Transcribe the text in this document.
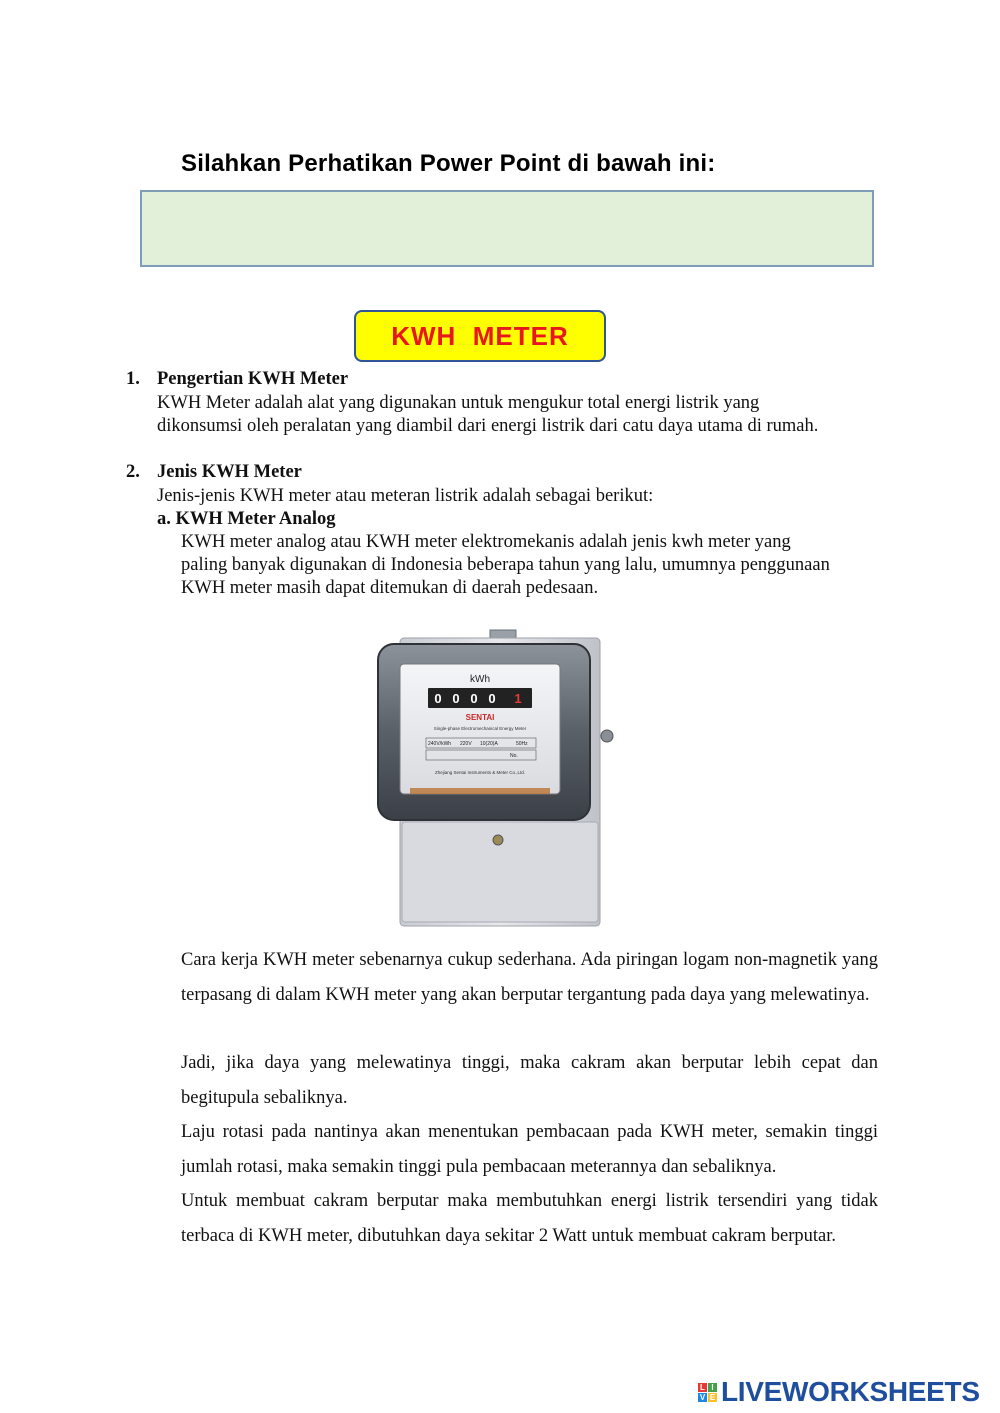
Silahkan Perhatikan Power Point di bawah ini:
KWH  METER
1. Pengertian KWH Meter
KWH Meter adalah alat yang digunakan untuk mengukur total energi listrik yang
dikonsumsi oleh peralatan yang diambil dari energi listrik dari catu daya utama di rumah.
2. Jenis KWH Meter
Jenis-jenis KWH meter atau meteran listrik adalah sebagai berikut:
a. KWH Meter Analog
KWH meter analog atau KWH meter elektromekanis adalah jenis kwh meter yang
paling banyak digunakan di Indonesia beberapa tahun yang lalu, umumnya penggunaan
KWH meter masih dapat ditemukan di daerah pedesaan.
kWh
0 0 0 0 1
SENTAI
Single-phase Electromechanical Energy Meter
240V/kWh 220V 10(20)A	50Hz
No.
Zhejiang Sentai Instruments & Meter Co.,Ltd.
Cara kerja KWH meter sebenarnya cukup sederhana. Ada piringan logam non-magnetik yang terpasang di dalam KWH meter yang akan berputar tergantung pada daya yang melewatinya.
Jadi, jika daya yang melewatinya tinggi, maka cakram akan berputar lebih cepat dan begitupula sebaliknya.
Laju rotasi pada nantinya akan menentukan pembacaan pada KWH meter, semakin tinggi jumlah rotasi, maka semakin tinggi pula pembacaan meterannya dan sebaliknya.
Untuk membuat cakram berputar maka membutuhkan energi listrik tersendiri yang tidak terbaca di KWH meter, dibutuhkan daya sekitar 2 Watt untuk membuat cakram berputar.
L I
V E LIVEWORKSHEETS
